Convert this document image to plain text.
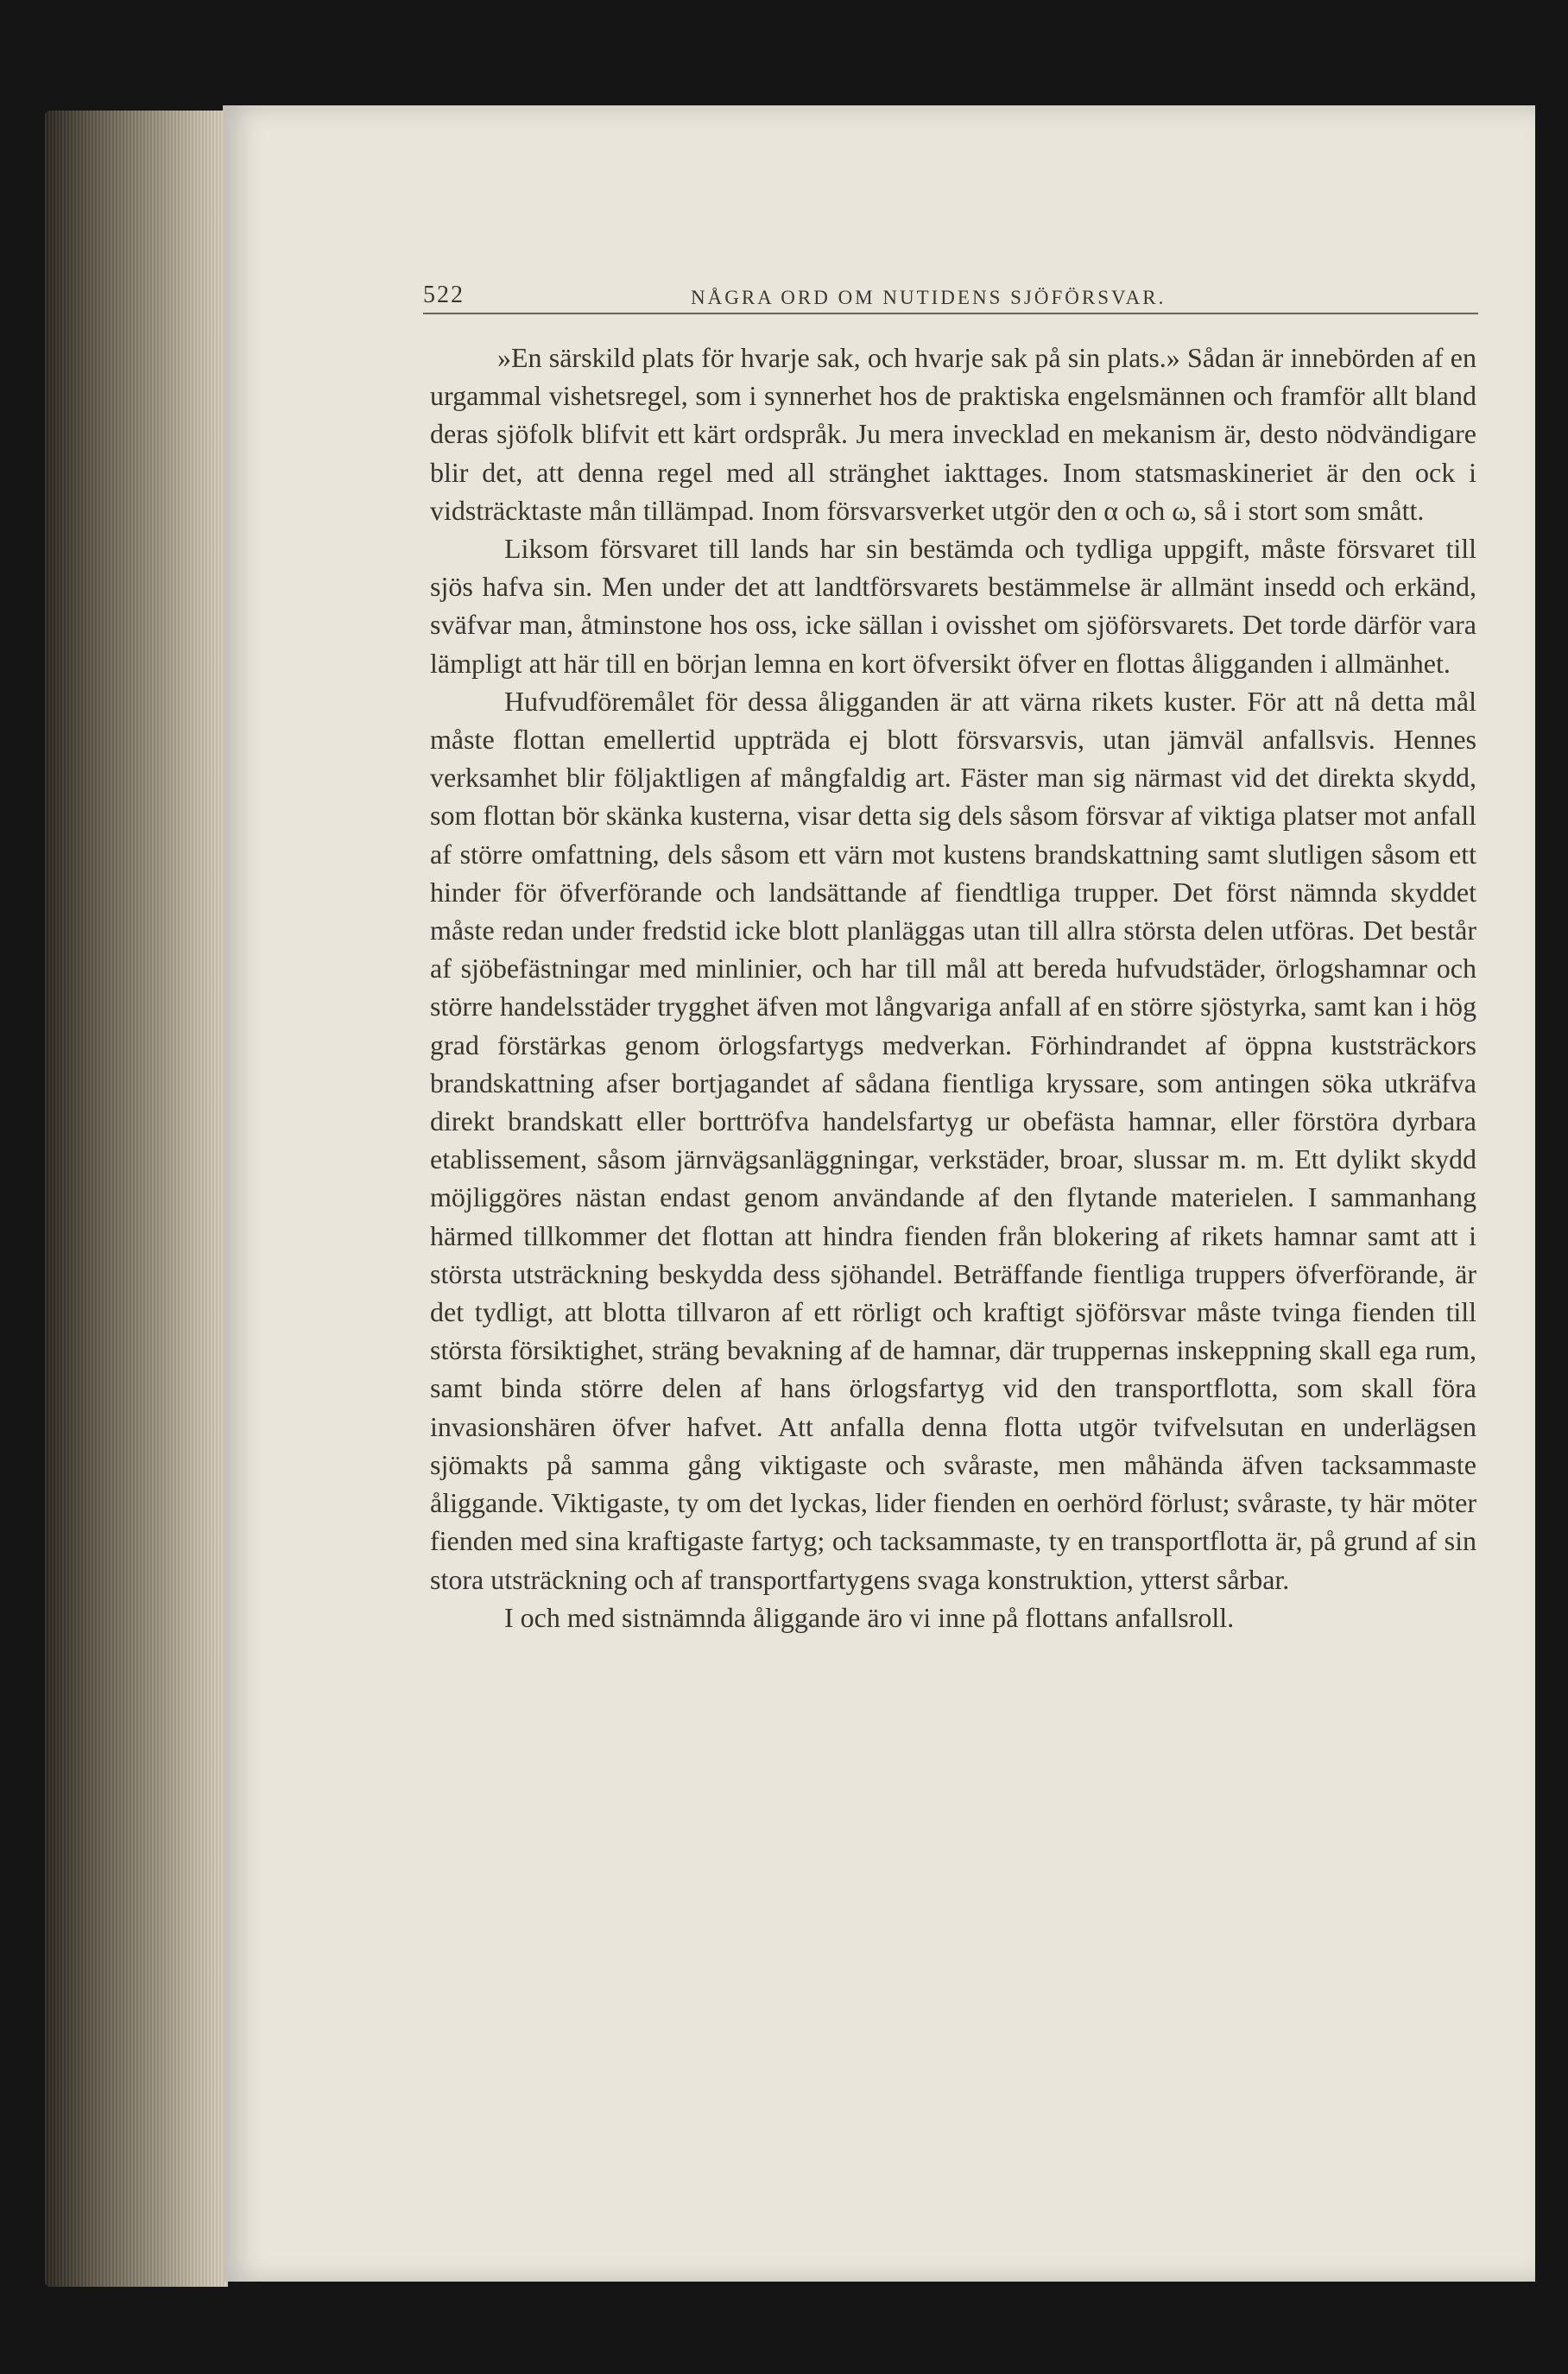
522	NÅGRA ORD OM NUTIDENS SJÖFÖRSVAR.

»En särskild plats för hvarje sak, och hvarje sak på sin plats.» Sådan är innebörden af en urgammal vishetsregel, som i synnerhet hos de praktiska engelsmännen och framför allt bland deras sjöfolk blifvit ett kärt ordspråk. Ju mera invecklad en mekanism är, desto nödvändigare blir det, att denna regel med all stränghet iakttages. Inom statsmaskineriet är den ock i vidsträcktaste mån tillämpad. Inom försvarsverket utgör den α och ω, så i stort som smått.

Liksom försvaret till lands har sin bestämda och tydliga uppgift, måste försvaret till sjös hafva sin. Men under det att landtförsvarets bestämmelse är allmänt insedd och erkänd, sväfvar man, åtminstone hos oss, icke sällan i ovisshet om sjöförsvarets. Det torde därför vara lämpligt att här till en början lemna en kort öfversikt öfver en flottas åligganden i allmänhet.

Hufvudföremålet för dessa åligganden är att värna rikets kuster. För att nå detta mål måste flottan emellertid uppträda ej blott försvarsvis, utan jämväl anfallsvis. Hennes verksamhet blir följaktligen af mångfaldig art. Fäster man sig närmast vid det direkta skydd, som flottan bör skänka kusterna, visar detta sig dels såsom försvar af viktiga platser mot anfall af större omfattning, dels såsom ett värn mot kustens brandskattning samt slutligen såsom ett hinder för öfverförande och landsättande af fiendtliga trupper. Det först nämnda skyddet måste redan under fredstid icke blott planläggas utan till allra största delen utföras. Det består af sjöbefästningar med minlinier, och har till mål att bereda hufvudstäder, örlogshamnar och större handelsstäder trygghet äfven mot långvariga anfall af en större sjöstyrka, samt kan i hög grad förstärkas genom örlogsfartygs medverkan. Förhindrandet af öppna kuststräckors brandskattning afser bortjagandet af sådana fientliga kryssare, som antingen söka utkräfva direkt brandskatt eller borttröfva handelsfartyg ur obefästa hamnar, eller förstöra dyrbara etablissement, såsom järnvägsanläggningar, verkstäder, broar, slussar m. m. Ett dylikt skydd möjliggöres nästan endast genom användande af den flytande materielen. I sammanhang härmed tillkommer det flottan att hindra fienden från blokering af rikets hamnar samt att i största utsträckning beskydda dess sjöhandel. Beträffande fientliga truppers öfverförande, är det tydligt, att blotta tillvaron af ett rörligt och kraftigt sjöförsvar måste tvinga fienden till största försiktighet, sträng bevakning af de hamnar, där truppernas inskeppning skall ega rum, samt binda större delen af hans örlogsfartyg vid den transportflotta, som skall föra invasionshären öfver hafvet. Att anfalla denna flotta utgör tvifvelsutan en underlägsen sjömakts på samma gång viktigaste och svåraste, men måhända äfven tacksammaste åliggande. Viktigaste, ty om det lyckas, lider fienden en oerhörd förlust; svåraste, ty här möter fienden med sina kraftigaste fartyg; och tacksammaste, ty en transportflotta är, på grund af sin stora utsträckning och af transportfartygens svaga konstruktion, ytterst sårbar.

I och med sistnämnda åliggande äro vi inne på flottans anfallsroll.
